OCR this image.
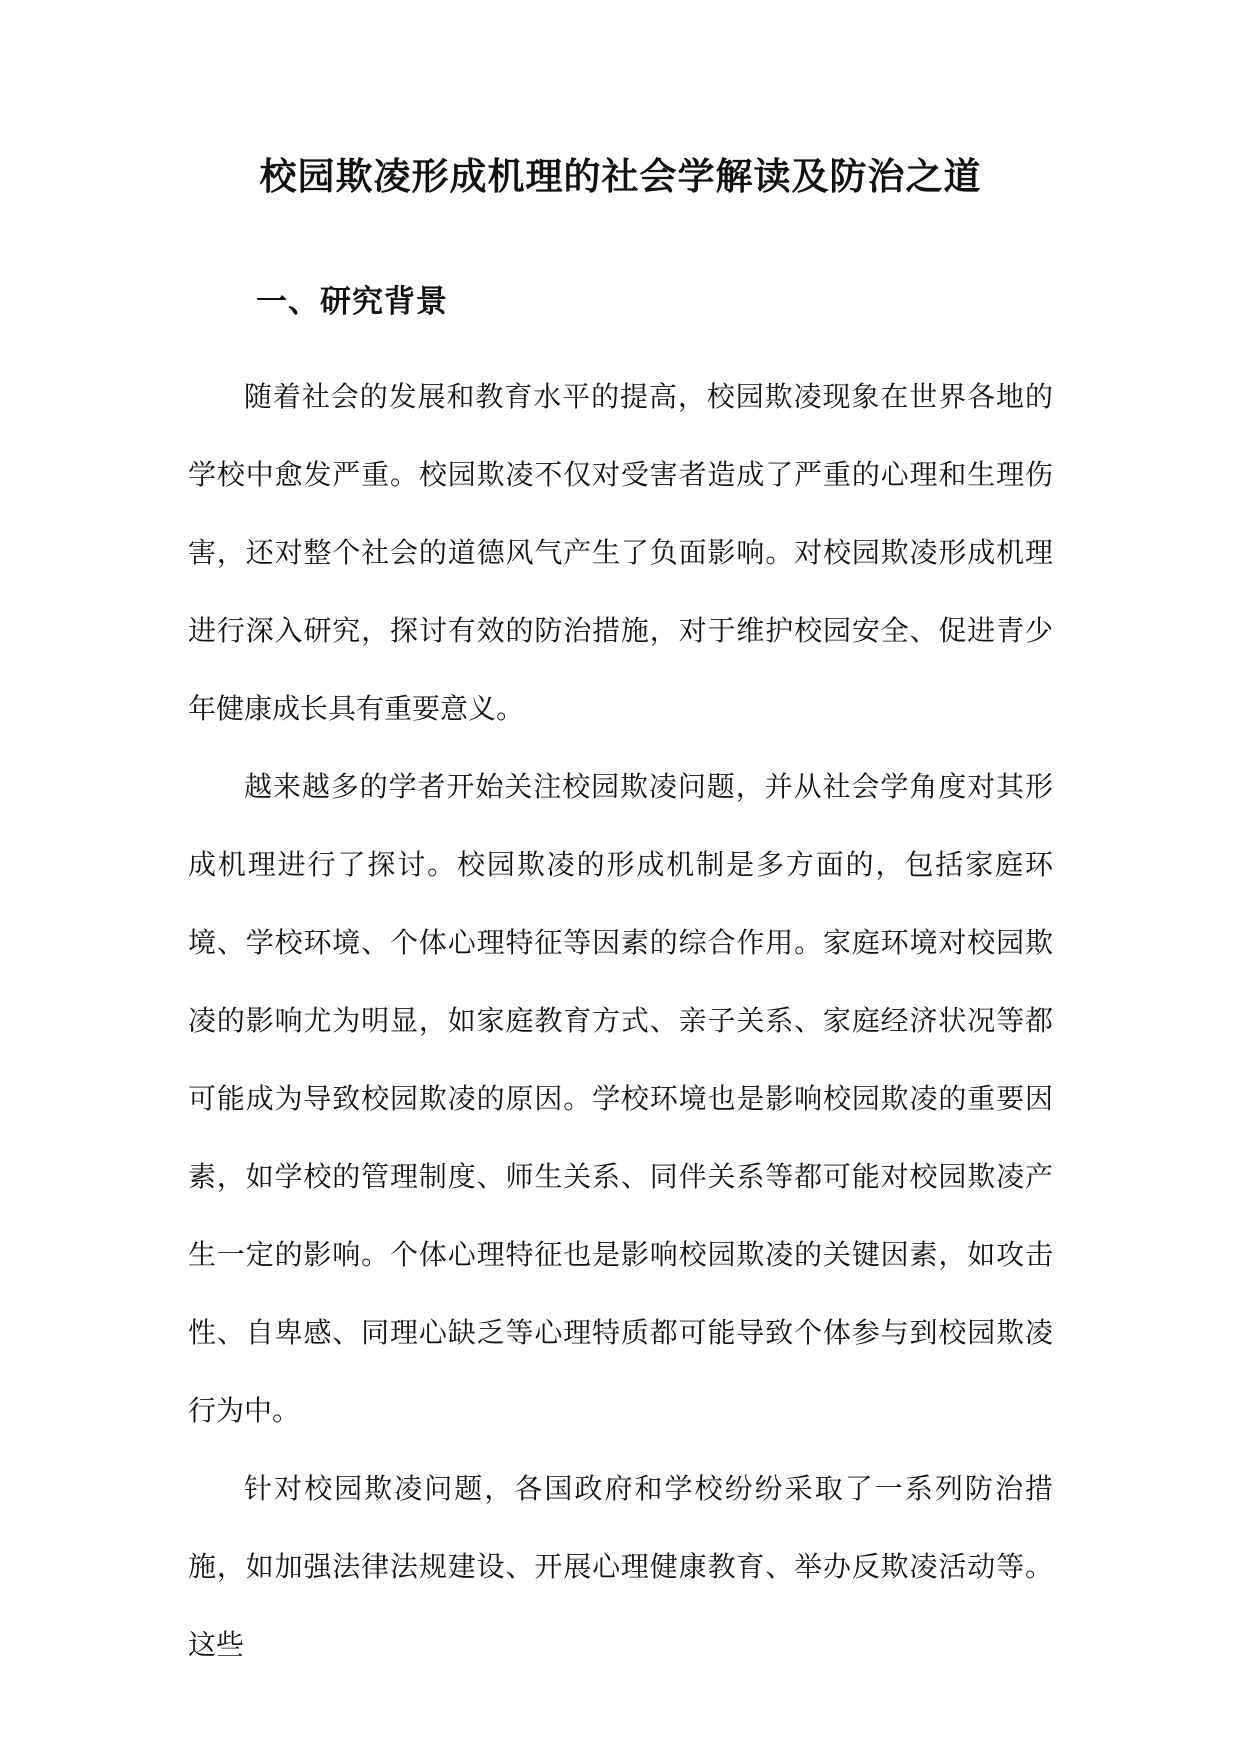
校园欺凌形成机理的社会学解读及防治之道
一、研究背景

随着社会的发展和教育水平的提高，校园欺凌现象在世界各地的学校中愈发严重。校园欺凌不仅对受害者造成了严重的心理和生理伤害，还对整个社会的道德风气产生了负面影响。对校园欺凌形成机理进行深入研究，探讨有效的防治措施，对于维护校园安全、促进青少年健康成长具有重要意义。

越来越多的学者开始关注校园欺凌问题，并从社会学角度对其形成机理进行了探讨。校园欺凌的形成机制是多方面的，包括家庭环境、学校环境、个体心理特征等因素的综合作用。家庭环境对校园欺凌的影响尤为明显，如家庭教育方式、亲子关系、家庭经济状况等都可能成为导致校园欺凌的原因。学校环境也是影响校园欺凌的重要因素，如学校的管理制度、师生关系、同伴关系等都可能对校园欺凌产生一定的影响。个体心理特征也是影响校园欺凌的关键因素，如攻击性、自卑感、同理心缺乏等心理特质都可能导致个体参与到校园欺凌行为中。

针对校园欺凌问题，各国政府和学校纷纷采取了一系列防治措施，如加强法律法规建设、开展心理健康教育、举办反欺凌活动等。这些
